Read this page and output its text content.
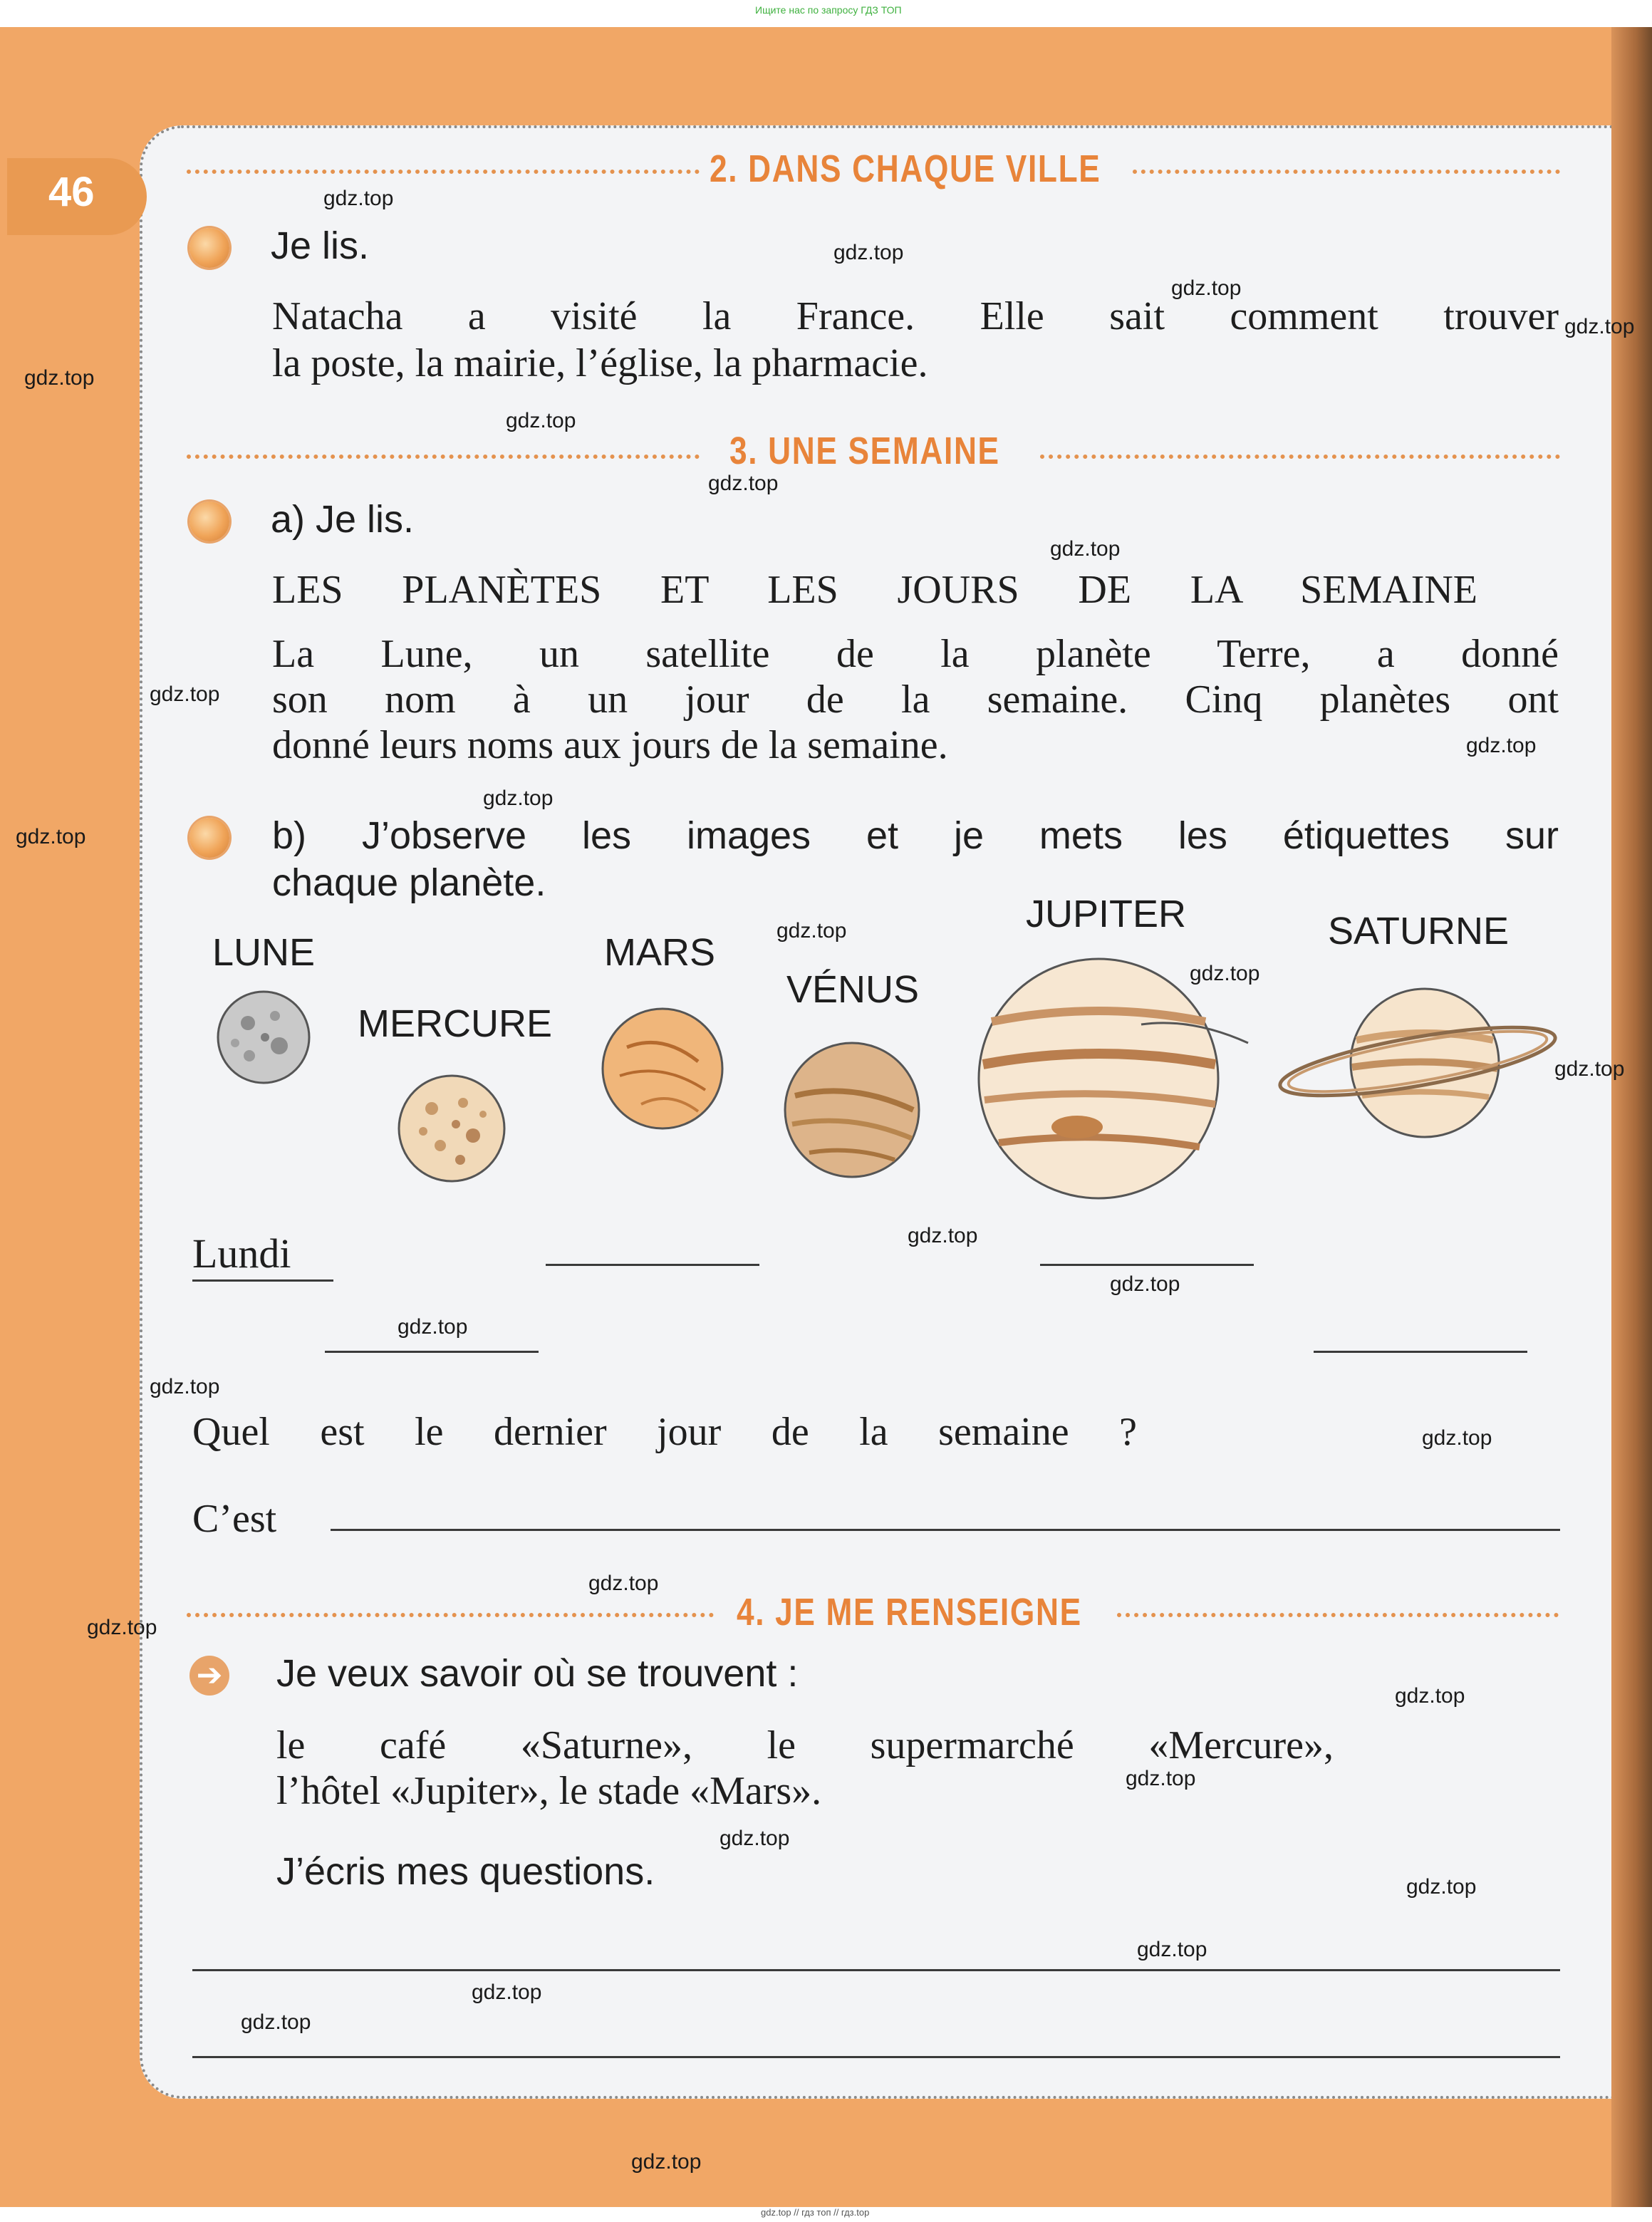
Ищите нас по запросу ГДЗ ТОП
gdz.top // гдз топ // гдз.top
46	2. DANS CHAQUE VILLE
Je lis.
Natacha a visité la France. Elle sait comment trouver
la poste, la mairie, l’église, la pharmacie.
3. UNE SEMAINE
a) Je lis.
LES PLANÈTES ET LES JOURS DE LA SEMAINE
La Lune, un satellite de la planète Terre, a donné
son nom à un jour de la semaine. Cinq planètes ont
donné leurs noms aux jours de la semaine.
b) J’observe les images et je mets les étiquettes sur
chaque planète.
LUNE
MERCURE
MARS
VÉNUS
JUPITER	SATURNE
Lundi
Quel est le dernier jour de la semaine ?
C’est
4. JE ME RENSEIGNE
➔ Je veux savoir où se trouvent :
le café «Saturne», le supermarché «Mercure»,
l’hôtel «Jupiter», le stade «Mars».
J’écris mes questions.
gdz.top
gdz.top
gdz.top
gdz.top
gdz.top
gdz.top
gdz.top
gdz.top
gdz.top
gdz.top
gdz.top
gdz.top
gdz.top
gdz.top
gdz.top
gdz.top
gdz.top
gdz.top
gdz.top
gdz.top
gdz.top
gdz.top
gdz.top
gdz.top
gdz.top
gdz.top
gdz.top
gdz.top
gdz.top
gdz.top
